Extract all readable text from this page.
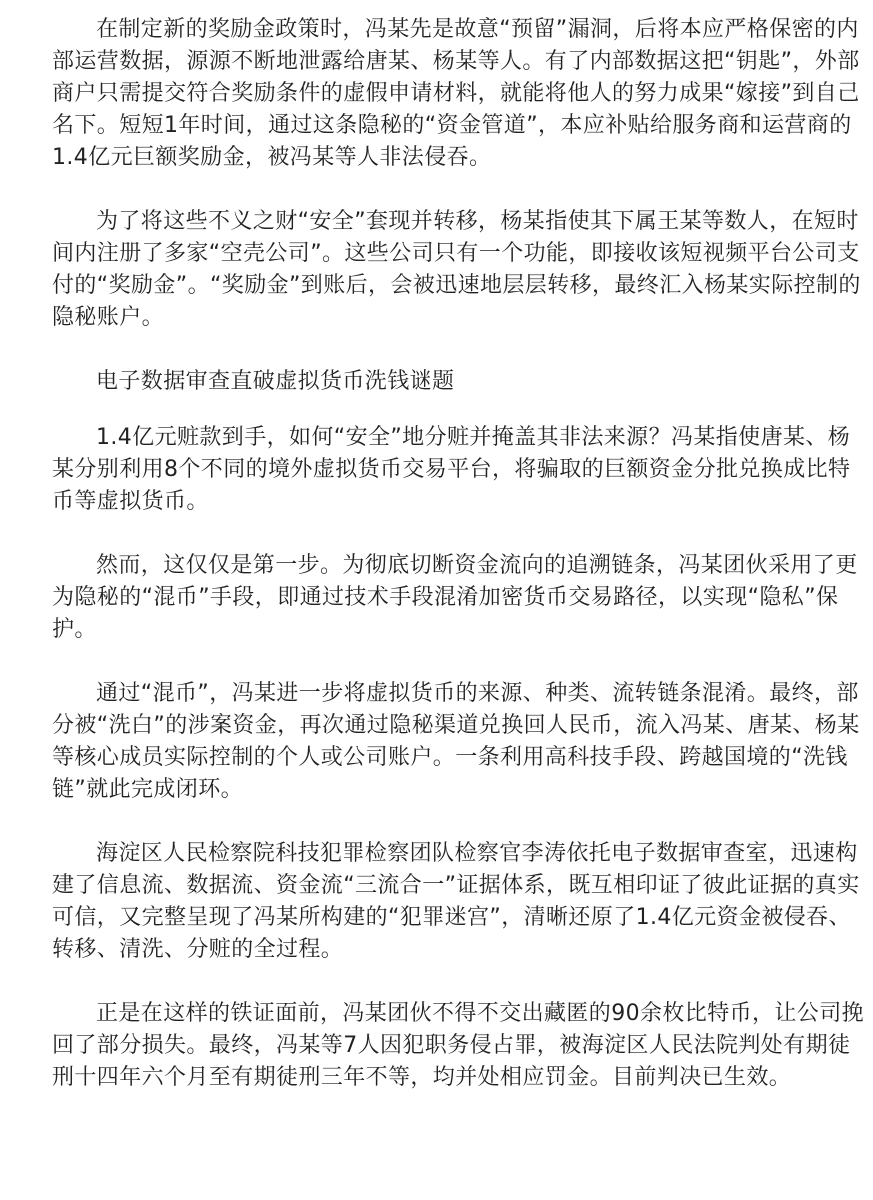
在制定新的奖励金政策时，冯某先是故意“预留”漏洞，后将本应严格保密的内部运营数据，源源不断地泄露给唐某、杨某等人。有了内部数据这把“钥匙”，外部商户只需提交符合奖励条件的虚假申请材料，就能将他人的努力成果“嫁接”到自己名下。短短1年时间，通过这条隐秘的“资金管道”，本应补贴给服务商和运营商的1.4亿元巨额奖励金，被冯某等人非法侵吞。

为了将这些不义之财“安全”套现并转移，杨某指使其下属王某等数人，在短时间内注册了多家“空壳公司”。这些公司只有一个功能，即接收该短视频平台公司支付的“奖励金”。“奖励金”到账后，会被迅速地层层转移，最终汇入杨某实际控制的隐秘账户。

电子数据审查直破虚拟货币洗钱谜题

1.4亿元赃款到手，如何“安全”地分赃并掩盖其非法来源？冯某指使唐某、杨某分别利用8个不同的境外虚拟货币交易平台，将骗取的巨额资金分批兑换成比特币等虚拟货币。

然而，这仅仅是第一步。为彻底切断资金流向的追溯链条，冯某团伙采用了更为隐秘的“混币”手段，即通过技术手段混淆加密货币交易路径，以实现“隐私”保护。

通过“混币”，冯某进一步将虚拟货币的来源、种类、流转链条混淆。最终，部分被“洗白”的涉案资金，再次通过隐秘渠道兑换回人民币，流入冯某、唐某、杨某等核心成员实际控制的个人或公司账户。一条利用高科技手段、跨越国境的“洗钱链”就此完成闭环。

海淀区人民检察院科技犯罪检察团队检察官李涛依托电子数据审查室，迅速构建了信息流、数据流、资金流“三流合一”证据体系，既互相印证了彼此证据的真实可信，又完整呈现了冯某所构建的“犯罪迷宫”，清晰还原了1.4亿元资金被侵吞、转移、清洗、分赃的全过程。

正是在这样的铁证面前，冯某团伙不得不交出藏匿的90余枚比特币，让公司挽回了部分损失。最终，冯某等7人因犯职务侵占罪，被海淀区人民法院判处有期徒刑十四年六个月至有期徒刑三年不等，均并处相应罚金。目前判决已生效。
